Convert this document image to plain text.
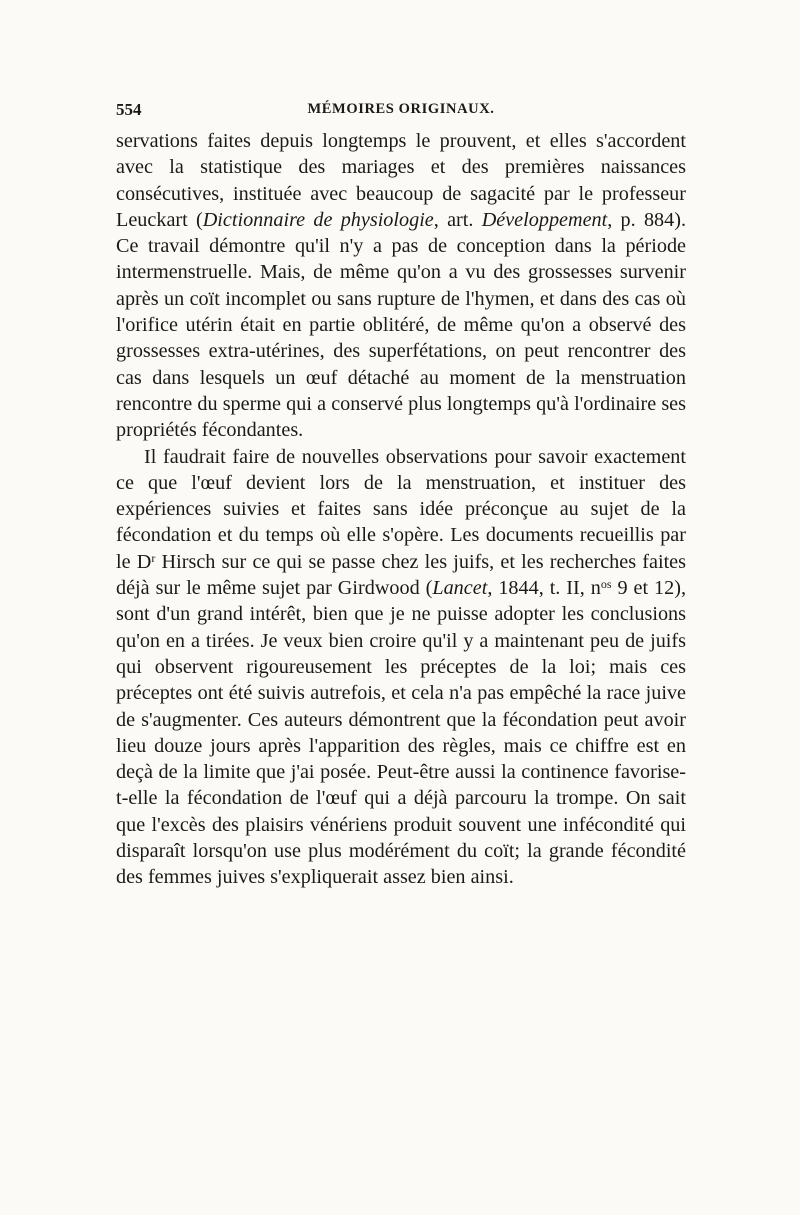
554	MÉMOIRES ORIGINAUX.

servations faites depuis longtemps le prouvent, et elles s'accordent avec la statistique des mariages et des premières naissances consécutives, instituée avec beaucoup de sagacité par le professeur Leuckart (Dictionnaire de physiologie, art. Développement, p. 884). Ce travail démontre qu'il n'y a pas de conception dans la période intermenstruelle. Mais, de même qu'on a vu des grossesses survenir après un coït incomplet ou sans rupture de l'hymen, et dans des cas où l'orifice utérin était en partie oblitéré, de même qu'on a observé des grossesses extra-utérines, des superfétations, on peut rencontrer des cas dans lesquels un œuf détaché au moment de la menstruation rencontre du sperme qui a conservé plus longtemps qu'à l'ordinaire ses propriétés fécondantes.

Il faudrait faire de nouvelles observations pour savoir exactement ce que l'œuf devient lors de la menstruation, et instituer des expériences suivies et faites sans idée préconçue au sujet de la fécondation et du temps où elle s'opère. Les documents recueillis par le $D^r$ Hirsch sur ce qui se passe chez les juifs, et les recherches faites déjà sur le même sujet par Girdwood (Lancet, 1844, t. II, $n^{os}$ 9 et 12), sont d'un grand intérêt, bien que je ne puisse adopter les conclusions qu'on en a tirées. Je veux bien croire qu'il y a maintenant peu de juifs qui observent rigoureusement les préceptes de la loi; mais ces préceptes ont été suivis autrefois, et cela n'a pas empêché la race juive de s'augmenter. Ces auteurs démontrent que la fécondation peut avoir lieu douze jours après l'apparition des règles, mais ce chiffre est en deçà de la limite que j'ai posée. Peut-être aussi la continence favorise-t-elle la fécondation de l'œuf qui a déjà parcouru la trompe. On sait que l'excès des plaisirs vénériens produit souvent une infécondité qui disparaît lorsqu'on use plus modérément du coït; la grande fécondité des femmes juives s'expliquerait assez bien ainsi.
